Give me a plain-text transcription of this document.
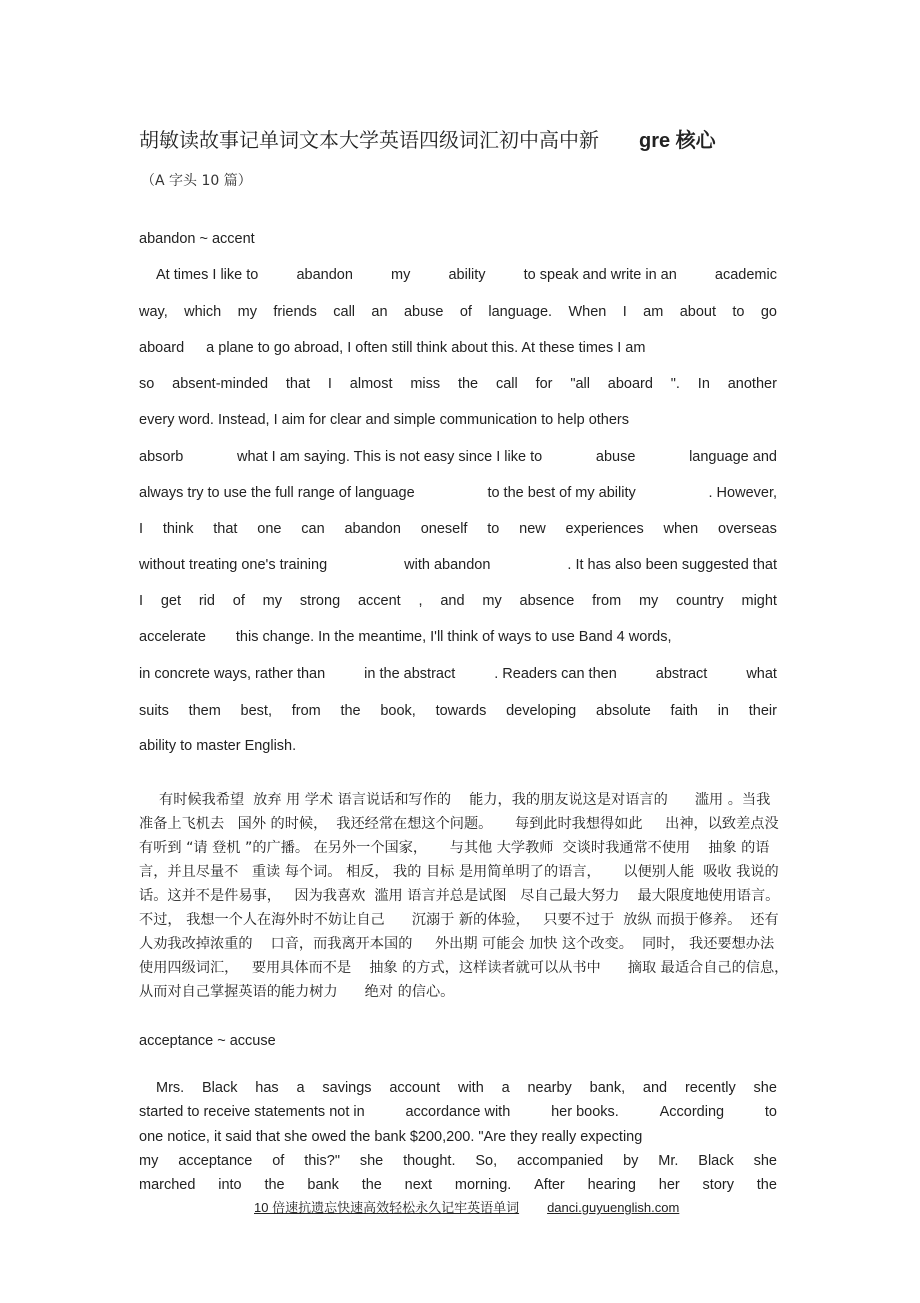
胡敏读故事记单词文本大学英语四级词汇初中高中新 gre 核心
（A 字头 10 篇）
abandon ~ accent
At times I like to	abandon	my	ability	to speak and write in an	academic
way, which my friends call an abuse of language. When I am about to go
aboard a plane to go abroad, I often still think about this. At these times I am
so absent-minded that I almost miss the call for "all aboard ". In another
every word. Instead, I aim for clear and simple communication to help others
absorb	what I am saying. This is not easy since I like to	abuse	language and
always try to use the full range of language	to the best of my ability	. However,
I think that one can abandon oneself to new experiences when overseas
without treating one's training	with abandon	. It has also been suggested that
I get rid of my strong accent , and my absence from my country might
accelerate this change. In the meantime, I'll think of ways to use Band 4 words,
in concrete ways, rather than	in the abstract	. Readers can then	abstract	what
suits them best, from the book, towards developing absolute faith in their
ability to master English.
有时候我希望  放弃 用 学术 语言说话和写作的    能力，我的朋友说这是对语言的      滥用 。当我
准备上飞机去   国外 的时候，  我还经常在想这个问题。     每到此时我想得如此     出神，以致差点没
有听到 “请 登机 ”的广播。 在另外一个国家，     与其他 大学教师  交谈时我通常不使用    抽象 的语
言，并且尽量不   重读 每个词。 相反， 我的 目标 是用简单明了的语言，     以便别人能  吸收 我说的
话。这并不是件易事，   因为我喜欢  滥用 语言并总是试图   尽自己最大努力    最大限度地使用语言。
不过， 我想一个人在海外时不妨让自己      沉溺于 新的体验，   只要不过于  放纵 而损于修养。  还有
人劝我改掉浓重的    口音，而我离开本国的     外出期 可能会 加快 这个改变。  同时， 我还要想办法
使用四级词汇，   要用具体而不是    抽象 的方式，这样读者就可以从书中      摘取 最适合自己的信息，
从而对自己掌握英语的能力树力      绝对 的信心。
acceptance ~ accuse
Mrs. Black has a savings account with a nearby bank, and recently she
started to receive statements not in	accordance with	her books.	According	to
one notice, it said that she owed the bank $200,200. "Are they really expecting
my acceptance of this?" she thought. So, accompanied by Mr. Black she
marched into the bank the next morning. After hearing her story the
10 倍速抗遗忘快速高效轻松永久记牢英语单词 danci.guyuenglish.com
